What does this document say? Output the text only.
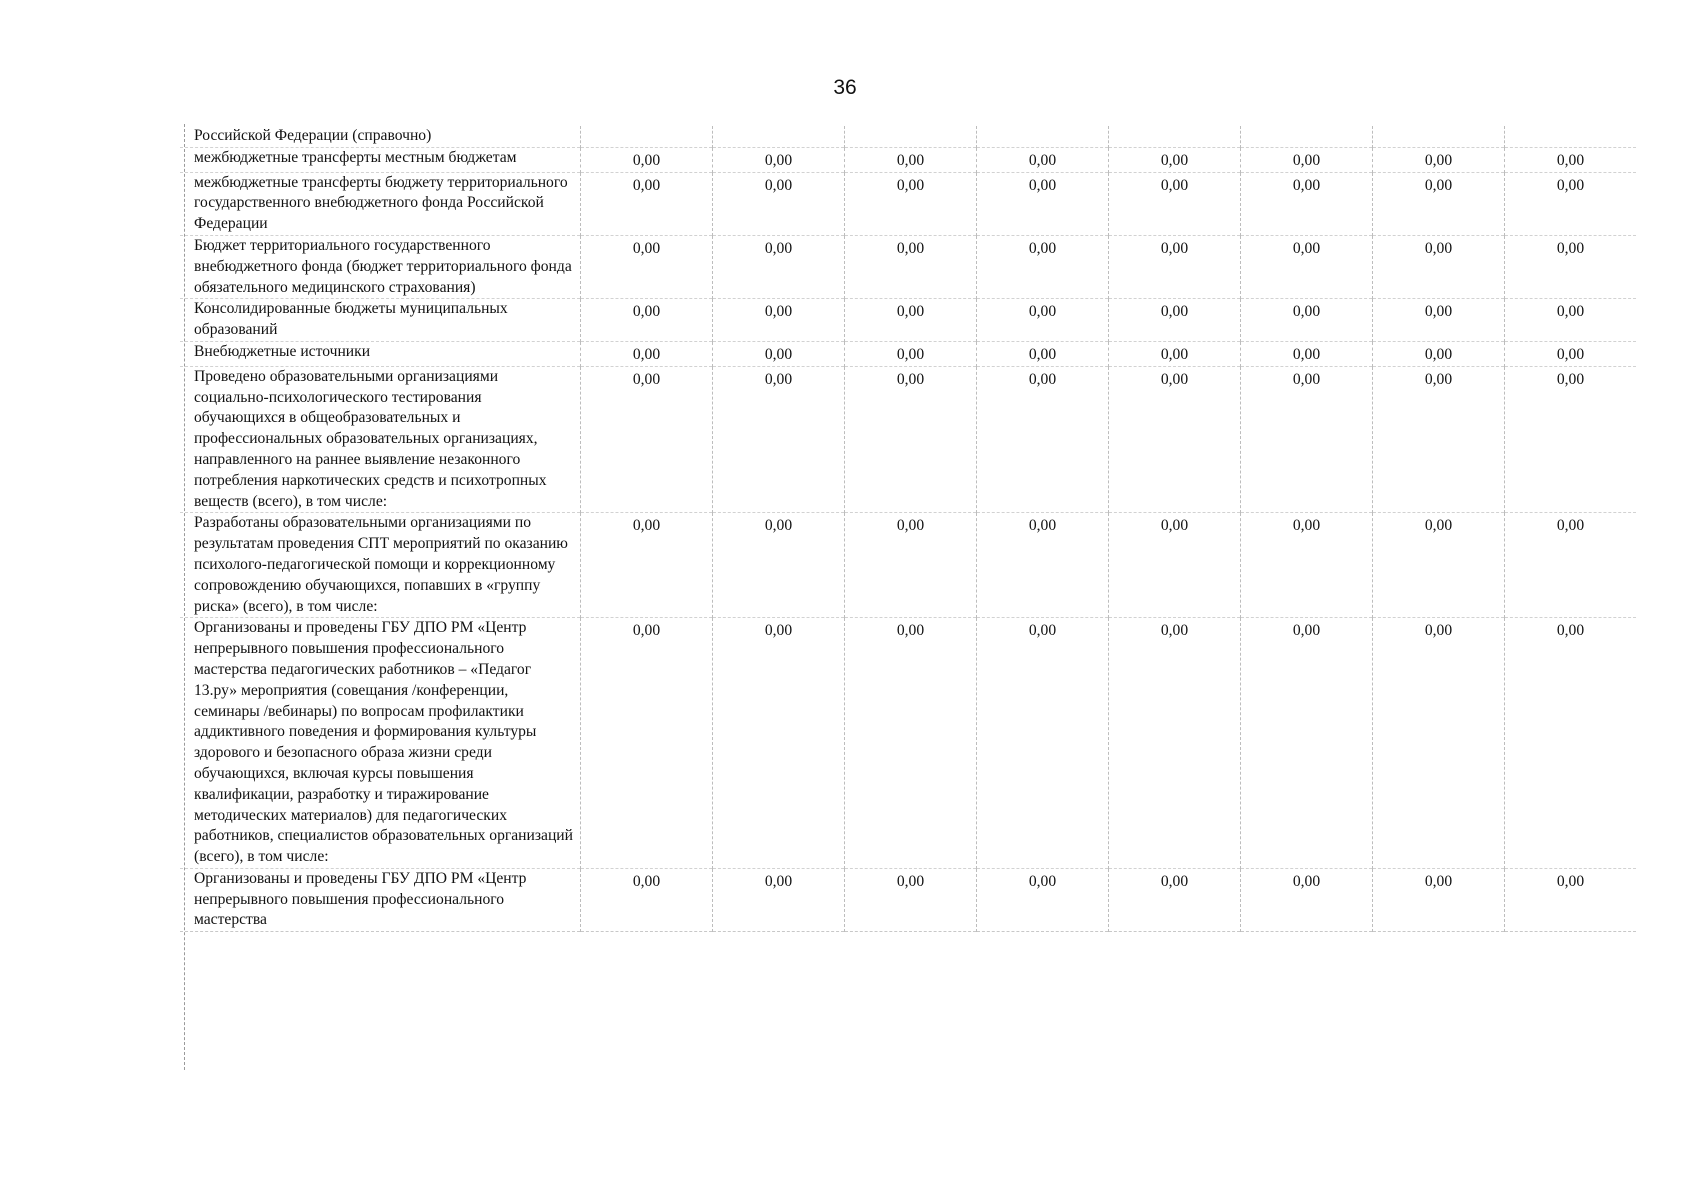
36
Российской Федерации (справочно)								
межбюджетные трансферты местным бюджетам	0,00	0,00	0,00	0,00	0,00	0,00	0,00	0,00
межбюджетные трансферты бюджету территориального государственного внебюджетного фонда Российской Федерации	0,00	0,00	0,00	0,00	0,00	0,00	0,00	0,00
Бюджет территориального государственного внебюджетного фонда (бюджет территориального фонда обязательного медицинского страхования)	0,00	0,00	0,00	0,00	0,00	0,00	0,00	0,00
Консолидированные бюджеты муниципальных образований	0,00	0,00	0,00	0,00	0,00	0,00	0,00	0,00
Внебюджетные источники	0,00	0,00	0,00	0,00	0,00	0,00	0,00	0,00
Проведено образовательными организациями социально-психологического тестирования обучающихся в общеобразовательных и профессиональных образовательных организациях, направленного на раннее выявление незаконного потребления наркотических средств и психотропных веществ (всего), в том числе:	0,00	0,00	0,00	0,00	0,00	0,00	0,00	0,00
Разработаны образовательными организациями по результатам проведения СПТ мероприятий по оказанию психолого-педагогической помощи и коррекционному сопровождению обучающихся, попавших в «группу риска» (всего), в том числе:	0,00	0,00	0,00	0,00	0,00	0,00	0,00	0,00
Организованы и проведены ГБУ ДПО РМ «Центр непрерывного повышения профессионального мастерства педагогических работников – «Педагог 13.ру» мероприятия (совещания /конференции, семинары /вебинары) по вопросам профилактики аддиктивного поведения и формирования культуры здорового и безопасного образа жизни среди обучающихся, включая курсы повышения квалификации, разработку и тиражирование методических материалов) для педагогических работников, специалистов образовательных организаций (всего), в том числе:	0,00	0,00	0,00	0,00	0,00	0,00	0,00	0,00
Организованы и проведены ГБУ ДПО РМ «Центр непрерывного повышения профессионального мастерства	0,00	0,00	0,00	0,00	0,00	0,00	0,00	0,00
